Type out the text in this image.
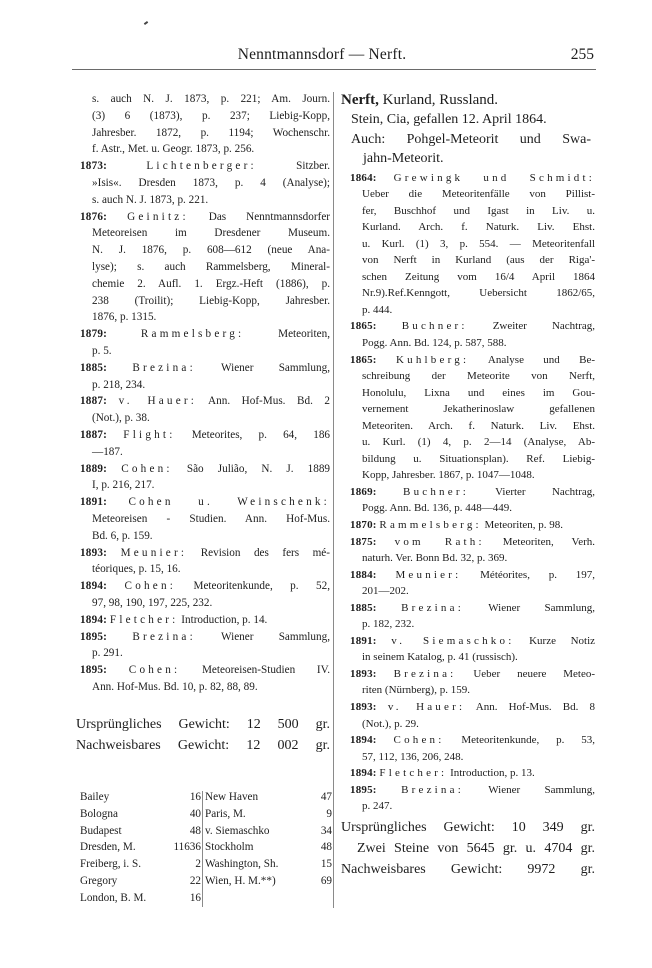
Nenntmannsdorf — Nerft.	255
s. auch N. J. 1873, p. 221; Am. Journ.
(3) 6 (1873), p. 237; Liebig-Kopp,
Jahresber. 1872, p. 1194; Wochenschr.
f. Astr., Met. u. Geogr. 1873, p. 256.
1873:	Lichtenberger:	Sitzber.
»Isis«. Dresden 1873, p. 4 (Analyse);
s. auch N. J. 1873, p. 221.
1876: Geinitz: Das Nenntmannsdorfer
Meteoreisen im Dresdener Museum.
N. J. 1876, p. 608—612 (neue Ana-
lyse); s. auch Rammelsberg, Mineral-
chemie 2. Aufl. 1. Ergz.-Heft (1886), p.
238 (Troilit); Liebig-Kopp, Jahresber.
1876, p. 1315.
1879:	Rammelsberg:	Meteoriten,
p. 5.
1885: Brezina: Wiener Sammlung,
p. 218, 234.
1887: v. Hauer: Ann. Hof-Mus. Bd. 2
(Not.), p. 38.
1887: Flight: Meteorites, p. 64, 186
—187.
1889: Cohen: São Julião, N. J. 1889
I, p. 216, 217.
1891: Cohen u. Weinschenk:
Meteoreisen - Studien. Ann. Hof-Mus.
Bd. 6, p. 159.
1893: Meunier: Revision des fers mé-
téoriques, p. 15, 16.
1894: Cohen: Meteoritenkunde, p. 52,
97, 98, 190, 197, 225, 232.
1894: Fletcher: Introduction, p. 14.
1895: Brezina: Wiener Sammlung,
p. 291.
1895: Cohen: Meteoreisen-Studien IV.
Ann. Hof-Mus. Bd. 10, p. 82, 88, 89.
Ursprüngliches Gewicht: 12 500 gr.
Nachweisbares Gewicht: 12 002 gr.
Bailey	16
Bologna	40
Budapest	48
Dresden, M.	11636
Freiberg, i. S.	2
Gregory	22
London, B. M.	16
New Haven	47
Paris, M.	9
v. Siemaschko	34
Stockholm	48
Washington, Sh.	15
Wien, H. M.**)	69
Nerft, Kurland, Russland.
Stein, Cia, gefallen 12. April 1864.
Auch: Pohgel-Meteorit und Swa-
jahn-Meteorit.
1864: Grewingk und Schmidt:
Ueber die Meteoritenfälle von Pillist-
fer, Buschhof und Igast in Liv. u.
Kurland. Arch. f. Naturk. Liv. Ehst.
u. Kurl. (1) 3, p. 554. — Meteoritenfall
von Nerft in Kurland (aus der Riga'-
schen Zeitung vom 16/4 April 1864
Nr.9).Ref.Kenngott, Uebersicht 1862/65,
p. 444.
1865: Buchner: Zweiter Nachtrag,
Pogg. Ann. Bd. 124, p. 587, 588.
1865: Kuhlberg: Analyse und Be-
schreibung der Meteorite von Nerft,
Honolulu, Lixna und eines im Gou-
vernement Jekatherinoslaw gefallenen
Meteoriten. Arch. f. Naturk. Liv. Ehst.
u. Kurl. (1) 4, p. 2—14 (Analyse, Ab-
bildung u. Situationsplan). Ref. Liebig-
Kopp, Jahresber. 1867, p. 1047—1048.
1869: Buchner: Vierter Nachtrag,
Pogg. Ann. Bd. 136, p. 448—449.
1870: Rammelsberg: Meteoriten, p. 98.
1875: vom Rath: Meteoriten, Verh.
naturh. Ver. Bonn Bd. 32, p. 369.
1884: Meunier: Météorites, p. 197,
201—202.
1885: Brezina: Wiener Sammlung,
p. 182, 232.
1891: v. Siemaschko: Kurze Notiz
in seinem Katalog, p. 41 (russisch).
1893: Brezina: Ueber neuere Meteo-
riten (Nürnberg), p. 159.
1893: v. Hauer: Ann. Hof-Mus. Bd. 8
(Not.), p. 29.
1894: Cohen: Meteoritenkunde, p. 53,
57, 112, 136, 206, 248.
1894: Fletcher: Introduction, p. 13.
1895: Brezina: Wiener Sammlung,
p. 247.
Ursprüngliches Gewicht: 10 349 gr.
Zwei Steine von 5645 gr. u. 4704 gr.
Nachweisbares Gewicht: 9972 gr.
